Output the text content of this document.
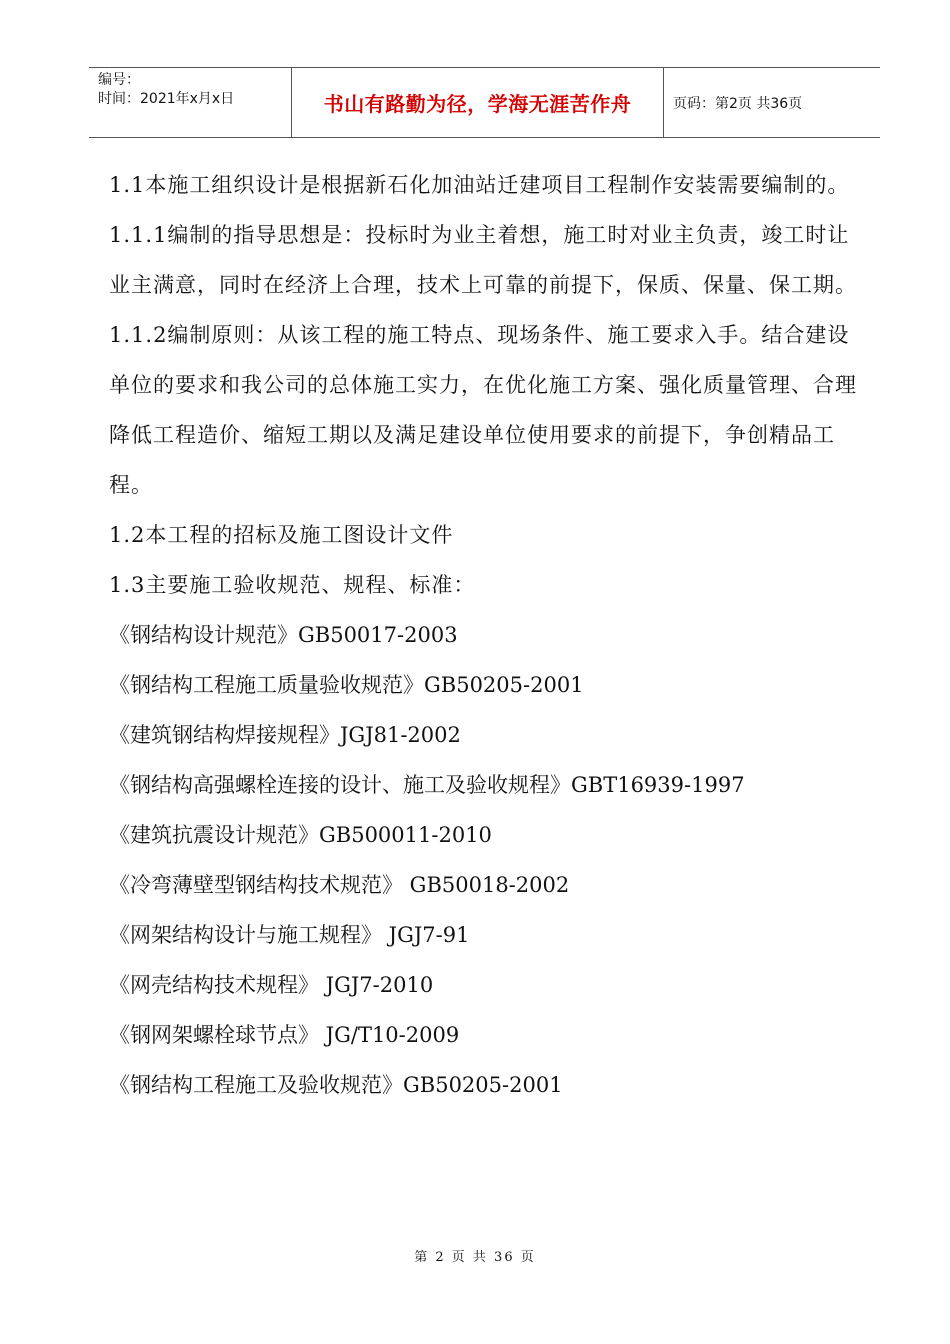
编号：
时间：2021年x月x日	书山有路勤为径，学海无涯苦作舟	页码：第2页 共36页

1.1本施工组织设计是根据新石化加油站迁建项目工程制作安装需要编制的。

1.1.1编制的指导思想是：投标时为业主着想，施工时对业主负责，竣工时让业主满意，同时在经济上合理，技术上可靠的前提下，保质、保量、保工期。

1.1.2编制原则：从该工程的施工特点、现场条件、施工要求入手。结合建设单位的要求和我公司的总体施工实力，在优化施工方案、强化质量管理、合理降低工程造价、缩短工期以及满足建设单位使用要求的前提下，争创精品工程。

1.2本工程的招标及施工图设计文件

1.3主要施工验收规范、规程、标准：

《钢结构设计规范》GB50017-2003

《钢结构工程施工质量验收规范》GB50205-2001

《建筑钢结构焊接规程》JGJ81-2002

《钢结构高强螺栓连接的设计、施工及验收规程》GBT16939-1997

《建筑抗震设计规范》GB500011-2010

《冷弯薄壁型钢结构技术规范》 GB50018-2002

《网架结构设计与施工规程》 JGJ7-91

《网壳结构技术规程》 JGJ7-2010

《钢网架螺栓球节点》 JG/T10-2009

《钢结构工程施工及验收规范》GB50205-2001

第 2 页 共 36 页
